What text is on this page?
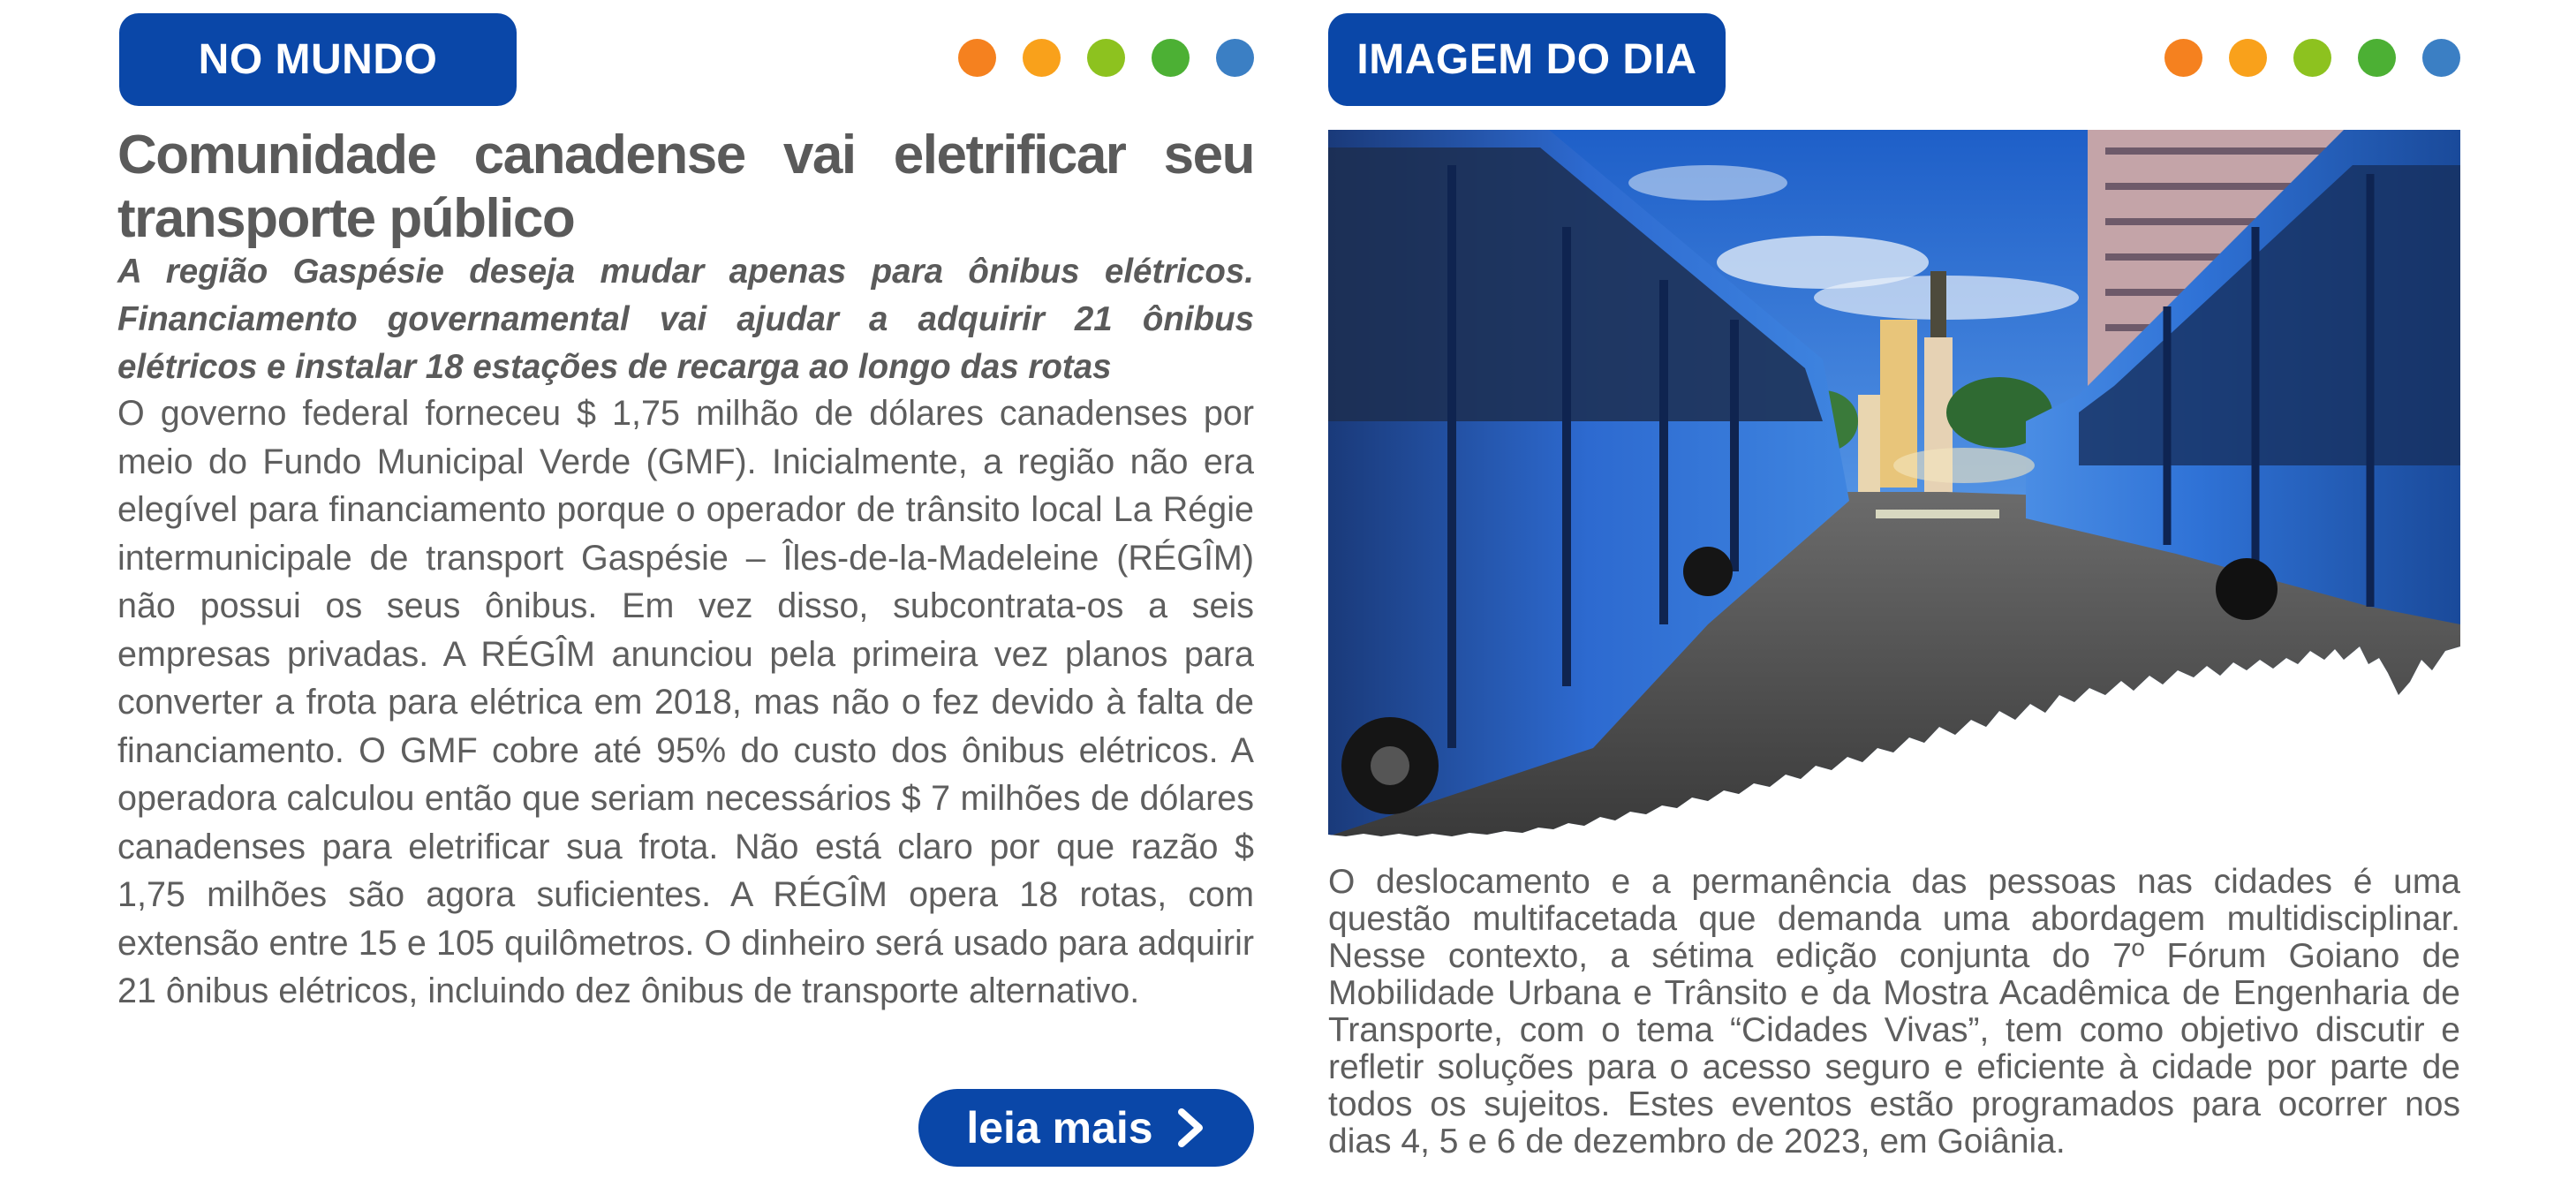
NO MUNDO
Comunidade canadense vai eletrificar seu transporte público

A região Gaspésie deseja mudar apenas para ônibus elétricos. Financiamento governamental vai ajudar a adquirir 21 ônibus elétricos e instalar 18 estações de recarga ao longo das rotas

O governo federal forneceu $ 1,75 milhão de dólares canadenses por meio do Fundo Municipal Verde (GMF). Inicialmente, a região não era elegível para financiamento porque o operador de trânsito local La Régie intermunicipale de transport Gaspésie – Îles-de-la-Madeleine (RÉGÎM) não possui os seus ônibus. Em vez disso, subcontrata-os a seis empresas privadas. A RÉGÎM anunciou pela primeira vez planos para converter a frota para elétrica em 2018, mas não o fez devido à falta de financiamento. O GMF cobre até 95% do custo dos ônibus elétricos. A operadora calculou então que seriam necessários $ 7 milhões de dólares canadenses para eletrificar sua frota. Não está claro por que razão $ 1,75 milhões são agora suficientes. A RÉGÎM opera 18 rotas, com extensão entre 15 e 105 quilômetros. O dinheiro será usado para adquirir 21 ônibus elétricos, incluindo dez ônibus de transporte alternativo.

leia mais
IMAGEM DO DIA

O deslocamento e a permanência das pessoas nas cidades é uma questão multifacetada que demanda uma abordagem multidisciplinar. Nesse contexto, a sétima edição conjunta do 7º Fórum Goiano de Mobilidade Urbana e Trânsito e da Mostra Acadêmica de Engenharia de Transporte, com o tema “Cidades Vivas”, tem como objetivo discutir e refletir soluções para o acesso seguro e eficiente à cidade por parte de todos os sujeitos. Estes eventos estão programados para ocorrer nos dias 4, 5 e 6 de dezembro de 2023, em Goiânia.
